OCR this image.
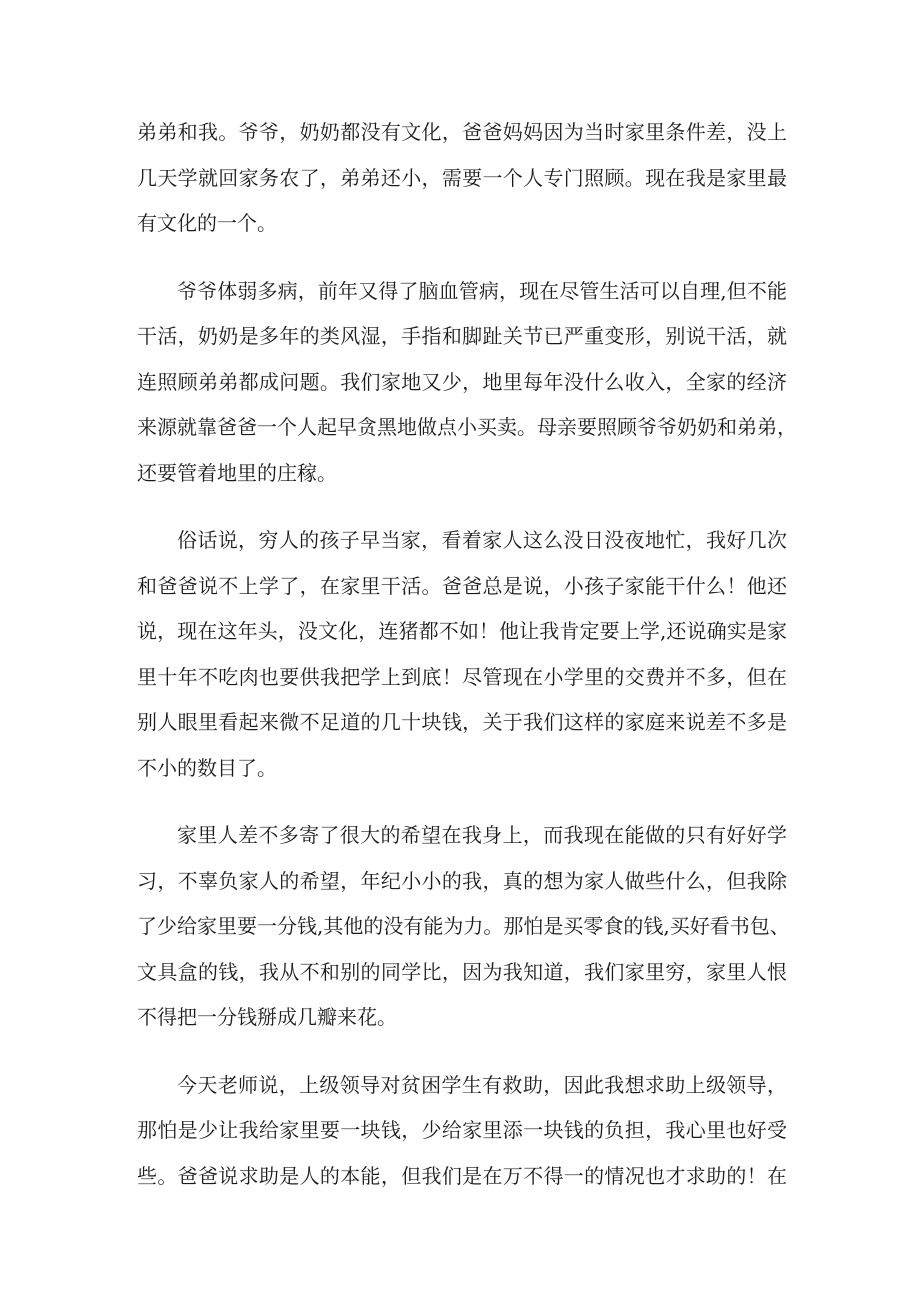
弟弟和我。爷爷，奶奶都没有文化，爸爸妈妈因为当时家里条件差，没上
几天学就回家务农了，弟弟还小，需要一个人专门照顾。现在我是家里最
有文化的一个。
爷爷体弱多病，前年又得了脑血管病，现在尽管生活可以自理,但不能
干活，奶奶是多年的类风湿，手指和脚趾关节已严重变形，别说干活，就
连照顾弟弟都成问题。我们家地又少，地里每年没什么收入，全家的经济
来源就靠爸爸一个人起早贪黑地做点小买卖。母亲要照顾爷爷奶奶和弟弟，
还要管着地里的庄稼。
俗话说，穷人的孩子早当家，看着家人这么没日没夜地忙，我好几次
和爸爸说不上学了，在家里干活。爸爸总是说，小孩子家能干什么！他还
说，现在这年头，没文化，连猪都不如！他让我肯定要上学,还说确实是家
里十年不吃肉也要供我把学上到底！尽管现在小学里的交费并不多，但在
别人眼里看起来微不足道的几十块钱，关于我们这样的家庭来说差不多是
不小的数目了。
家里人差不多寄了很大的希望在我身上，而我现在能做的只有好好学
习，不辜负家人的希望，年纪小小的我，真的想为家人做些什么，但我除
了少给家里要一分钱,其他的没有能为力。那怕是买零食的钱,买好看书包、
文具盒的钱，我从不和别的同学比，因为我知道，我们家里穷，家里人恨
不得把一分钱掰成几瓣来花。
今天老师说，上级领导对贫困学生有救助，因此我想求助上级领导，
那怕是少让我给家里要一块钱，少给家里添一块钱的负担，我心里也好受
些。爸爸说求助是人的本能，但我们是在万不得一的情况也才求助的！在
